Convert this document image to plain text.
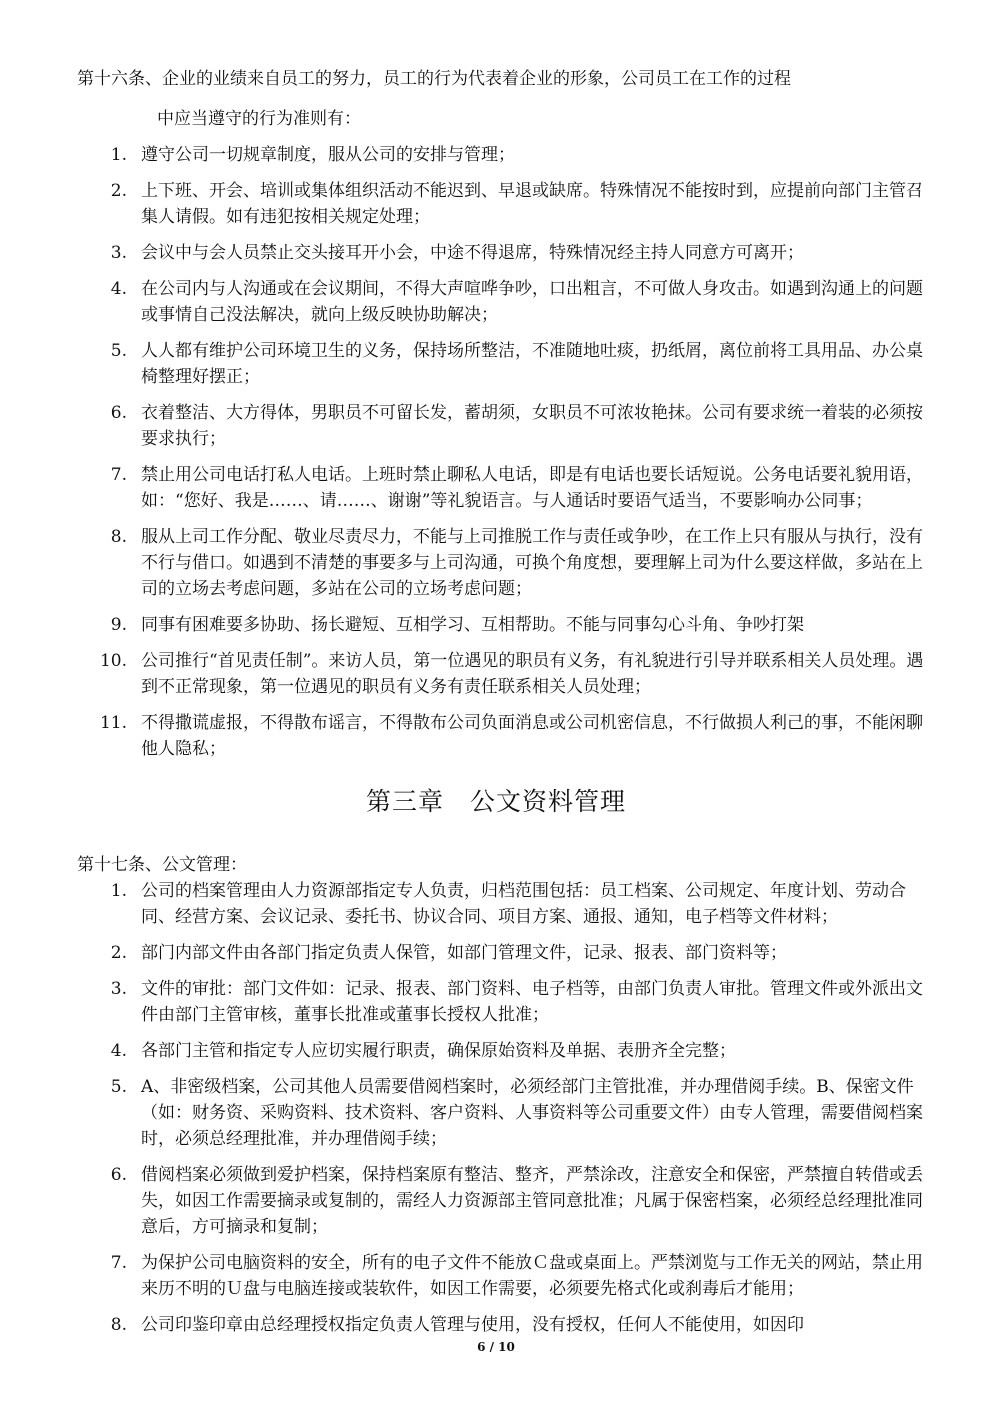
第十六条、企业的业绩来自员工的努力，员工的行为代表着企业的形象，公司员工在工作的过程

中应当遵守的行为准则有：

1. 遵守公司一切规章制度，服从公司的安排与管理；
2. 上下班、开会、培训或集体组织活动不能迟到、早退或缺席。特殊情况不能按时到，应提前向部门主管召集人请假。如有违犯按相关规定处理；
3. 会议中与会人员禁止交头接耳开小会，中途不得退席，特殊情况经主持人同意方可离开；
4. 在公司内与人沟通或在会议期间，不得大声喧哗争吵，口出粗言，不可做人身攻击。如遇到沟通上的问题或事情自己没法解决，就向上级反映协助解决；
5. 人人都有维护公司环境卫生的义务，保持场所整洁，不准随地吐痰，扔纸屑，离位前将工具用品、办公桌椅整理好摆正；
6. 衣着整洁、大方得体，男职员不可留长发，蓄胡须，女职员不可浓妆艳抹。公司有要求统一着装的必须按要求执行；
7. 禁止用公司电话打私人电话。上班时禁止聊私人电话，即是有电话也要长话短说。公务电话要礼貌用语，如：“您好、我是……、请……、谢谢”等礼貌语言。与人通话时要语气适当，不要影响办公同事；
8. 服从上司工作分配、敬业尽责尽力，不能与上司推脱工作与责任或争吵，在工作上只有服从与执行，没有不行与借口。如遇到不清楚的事要多与上司沟通，可换个角度想，要理解上司为什么要这样做，多站在上司的立场去考虑问题，多站在公司的立场考虑问题；
9. 同事有困难要多协助、扬长避短、互相学习、互相帮助。不能与同事勾心斗角、争吵打架
10. 公司推行“首见责任制”。来访人员，第一位遇见的职员有义务，有礼貌进行引导并联系相关人员处理。遇到不正常现象，第一位遇见的职员有义务有责任联系相关人员处理；
11. 不得撒谎虚报，不得散布谣言，不得散布公司负面消息或公司机密信息，不行做损人利己的事，不能闲聊他人隐私；
第三章　公文资料管理

第十七条、公文管理：

1. 公司的档案管理由人力资源部指定专人负责，归档范围包括：员工档案、公司规定、年度计划、劳动合同、经营方案、会议记录、委托书、协议合同、项目方案、通报、通知，电子档等文件材料；
2. 部门内部文件由各部门指定负责人保管，如部门管理文件，记录、报表、部门资料等；
3. 文件的审批：部门文件如：记录、报表、部门资料、电子档等，由部门负责人审批。管理文件或外派出文件由部门主管审核，董事长批准或董事长授权人批准；
4. 各部门主管和指定专人应切实履行职责，确保原始资料及单据、表册齐全完整；
5. A、非密级档案，公司其他人员需要借阅档案时，必须经部门主管批准，并办理借阅手续。B、保密文件（如：财务资、采购资料、技术资料、客户资料、人事资料等公司重要文件）由专人管理，需要借阅档案时，必须总经理批准，并办理借阅手续；
6. 借阅档案必须做到爱护档案，保持档案原有整洁、整齐，严禁涂改，注意安全和保密，严禁擅自转借或丢失，如因工作需要摘录或复制的，需经人力资源部主管同意批准；凡属于保密档案，必须经总经理批准同意后，方可摘录和复制；
7. 为保护公司电脑资料的安全，所有的电子文件不能放Ｃ盘或桌面上。严禁浏览与工作无关的网站，禁止用来历不明的Ｕ盘与电脑连接或装软件，如因工作需要，必须要先格式化或刹毒后才能用；
8. 公司印鉴印章由总经理授权指定负责人管理与使用，没有授权，任何人不能使用，如因印

6 / 10
